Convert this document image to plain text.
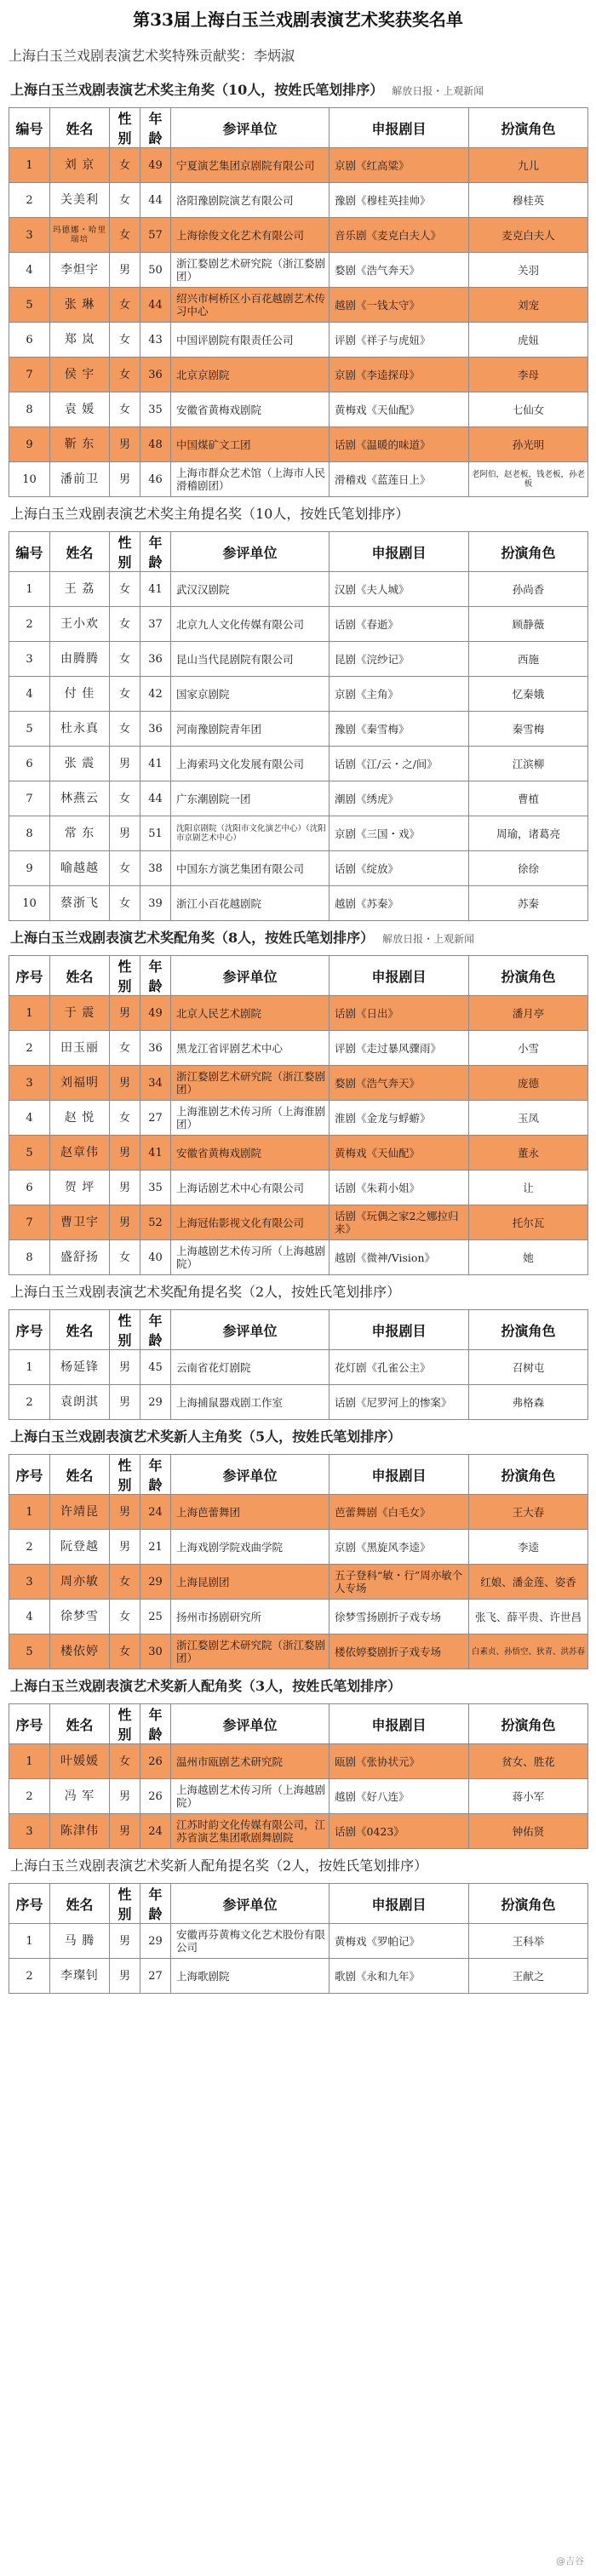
第33届上海白玉兰戏剧表演艺术奖获奖名单
上海白玉兰戏剧表演艺术奖特殊贡献奖：李炳淑
上海白玉兰戏剧表演艺术奖主角奖（10人，按姓氏笔划排序） 解放日报・上观新闻
编号	姓名	性别	年龄	参评单位	申报剧目	扮演角色
1	刘 京	女	49	宁夏演艺集团京剧院有限公司	京剧《红高粱》	九儿
2	关美利	女	44	洛阳豫剧院演艺有限公司	豫剧《穆桂英挂帅》	穆桂英
3	玛德娜・哈里瑞培	女	57	上海徐俊文化艺术有限公司	音乐剧《麦克白夫人》	麦克白夫人
4	李炟宇	男	50	浙江婺剧艺术研究院（浙江婺剧团）	婺剧《浩气奔天》	关羽
5	张 琳	女	44	绍兴市柯桥区小百花越剧艺术传习中心	越剧《一钱太守》	刘宠
6	郑 岚	女	43	中国评剧院有限责任公司	评剧《祥子与虎妞》	虎妞
7	侯 宇	女	36	北京京剧院	京剧《李逵探母》	李母
8	袁 媛	女	35	安徽省黄梅戏剧院	黄梅戏《天仙配》	七仙女
9	靳 东	男	48	中国煤矿文工团	话剧《温暖的味道》	孙光明
10	潘前卫	男	46	上海市群众艺术馆（上海市人民滑稽剧团）	滑稽戏《蓝莲日上》	老阿伯，赵老板，钱老板，孙老板
上海白玉兰戏剧表演艺术奖主角提名奖（10人，按姓氏笔划排序）
编号	姓名	性别	年龄	参评单位	申报剧目	扮演角色
1	王 荔	女	41	武汉汉剧院	汉剧《夫人城》	孙尚香
2	王小欢	女	37	北京九人文化传媒有限公司	话剧《春逝》	顾静薇
3	由腾腾	女	36	昆山当代昆剧院有限公司	昆剧《浣纱记》	西施
4	付 佳	女	42	国家京剧院	京剧《主角》	忆秦娥
5	杜永真	女	36	河南豫剧院青年团	豫剧《秦雪梅》	秦雪梅
6	张 震	男	41	上海索玛文化发展有限公司	话剧《江/云・之/间》	江滨柳
7	林燕云	女	44	广东潮剧院一团	潮剧《绣虎》	曹植
8	常 东	男	51	沈阳京剧院（沈阳市文化演艺中心）（沈阳市京剧艺术中心）	京剧《三国・戏》	周瑜，诸葛亮
9	喻越越	女	38	中国东方演艺集团有限公司	话剧《绽放》	徐徐
10	蔡浙飞	女	39	浙江小百花越剧院	越剧《苏秦》	苏秦
上海白玉兰戏剧表演艺术奖配角奖（8人，按姓氏笔划排序） 解放日报・上观新闻
序号	姓名	性别	年龄	参评单位	申报剧目	扮演角色
1	于 震	男	49	北京人民艺术剧院	话剧《日出》	潘月亭
2	田玉丽	女	36	黑龙江省评剧艺术中心	评剧《走过暴风骤雨》	小雪
3	刘福明	男	34	浙江婺剧艺术研究院（浙江婺剧团）	婺剧《浩气奔天》	庞德
4	赵 悦	女	27	上海淮剧艺术传习所（上海淮剧团）	淮剧《金龙与蜉蝣》	玉凤
5	赵章伟	男	41	安徽省黄梅戏剧院	黄梅戏《天仙配》	董永
6	贺 坪	男	35	上海话剧艺术中心有限公司	话剧《朱莉小姐》	让
7	曹卫宇	男	52	上海冠佑影视文化有限公司	话剧《玩偶之家2之娜拉归来》	托尔瓦
8	盛舒扬	女	40	上海越剧艺术传习所（上海越剧院）	越剧《微神/Vision》	她
上海白玉兰戏剧表演艺术奖配角提名奖（2人，按姓氏笔划排序）
序号	姓名	性别	年龄	参评单位	申报剧目	扮演角色
1	杨延锋	男	45	云南省花灯剧院	花灯剧《孔雀公主》	召树屯
2	袁朗淇	男	29	上海捕鼠器戏剧工作室	话剧《尼罗河上的惨案》	弗格森
上海白玉兰戏剧表演艺术奖新人主角奖（5人，按姓氏笔划排序）
序号	姓名	性别	年龄	参评单位	申报剧目	扮演角色
1	许靖昆	男	24	上海芭蕾舞团	芭蕾舞剧《白毛女》	王大春
2	阮登越	男	21	上海戏剧学院戏曲学院	京剧《黑旋风李逵》	李逵
3	周亦敏	女	29	上海昆剧团	五子登科“敏・行”周亦敏个人专场	红娘、潘金莲、姿香
4	徐梦雪	女	25	扬州市扬剧研究所	徐梦雪扬剧折子戏专场	张飞、薛平贵、许世昌
5	楼依婷	女	30	浙江婺剧艺术研究院（浙江婺剧团）	楼依婷婺剧折子戏专场	白素贞、孙悟空、狄青、洪苏春
上海白玉兰戏剧表演艺术奖新人配角奖（3人，按姓氏笔划排序）
序号	姓名	性别	年龄	参评单位	申报剧目	扮演角色
1	叶媛媛	女	26	温州市瓯剧艺术研究院	瓯剧《张协状元》	贫女、胜花
2	冯 军	男	26	上海越剧艺术传习所（上海越剧院）	越剧《好八连》	蒋小军
3	陈津伟	男	24	江苏时韵文化传媒有限公司，江苏省演艺集团歌剧舞剧院	话剧《0423》	钟佑贤
上海白玉兰戏剧表演艺术奖新人配角提名奖（2人，按姓氏笔划排序）
序号	姓名	性别	年龄	参评单位	申报剧目	扮演角色
1	马 腾	男	29	安徽再芬黄梅文化艺术股份有限公司	黄梅戏《罗帕记》	王科举
2	李璨钊	男	27	上海歌剧院	歌剧《永和九年》	王献之
@吉谷
